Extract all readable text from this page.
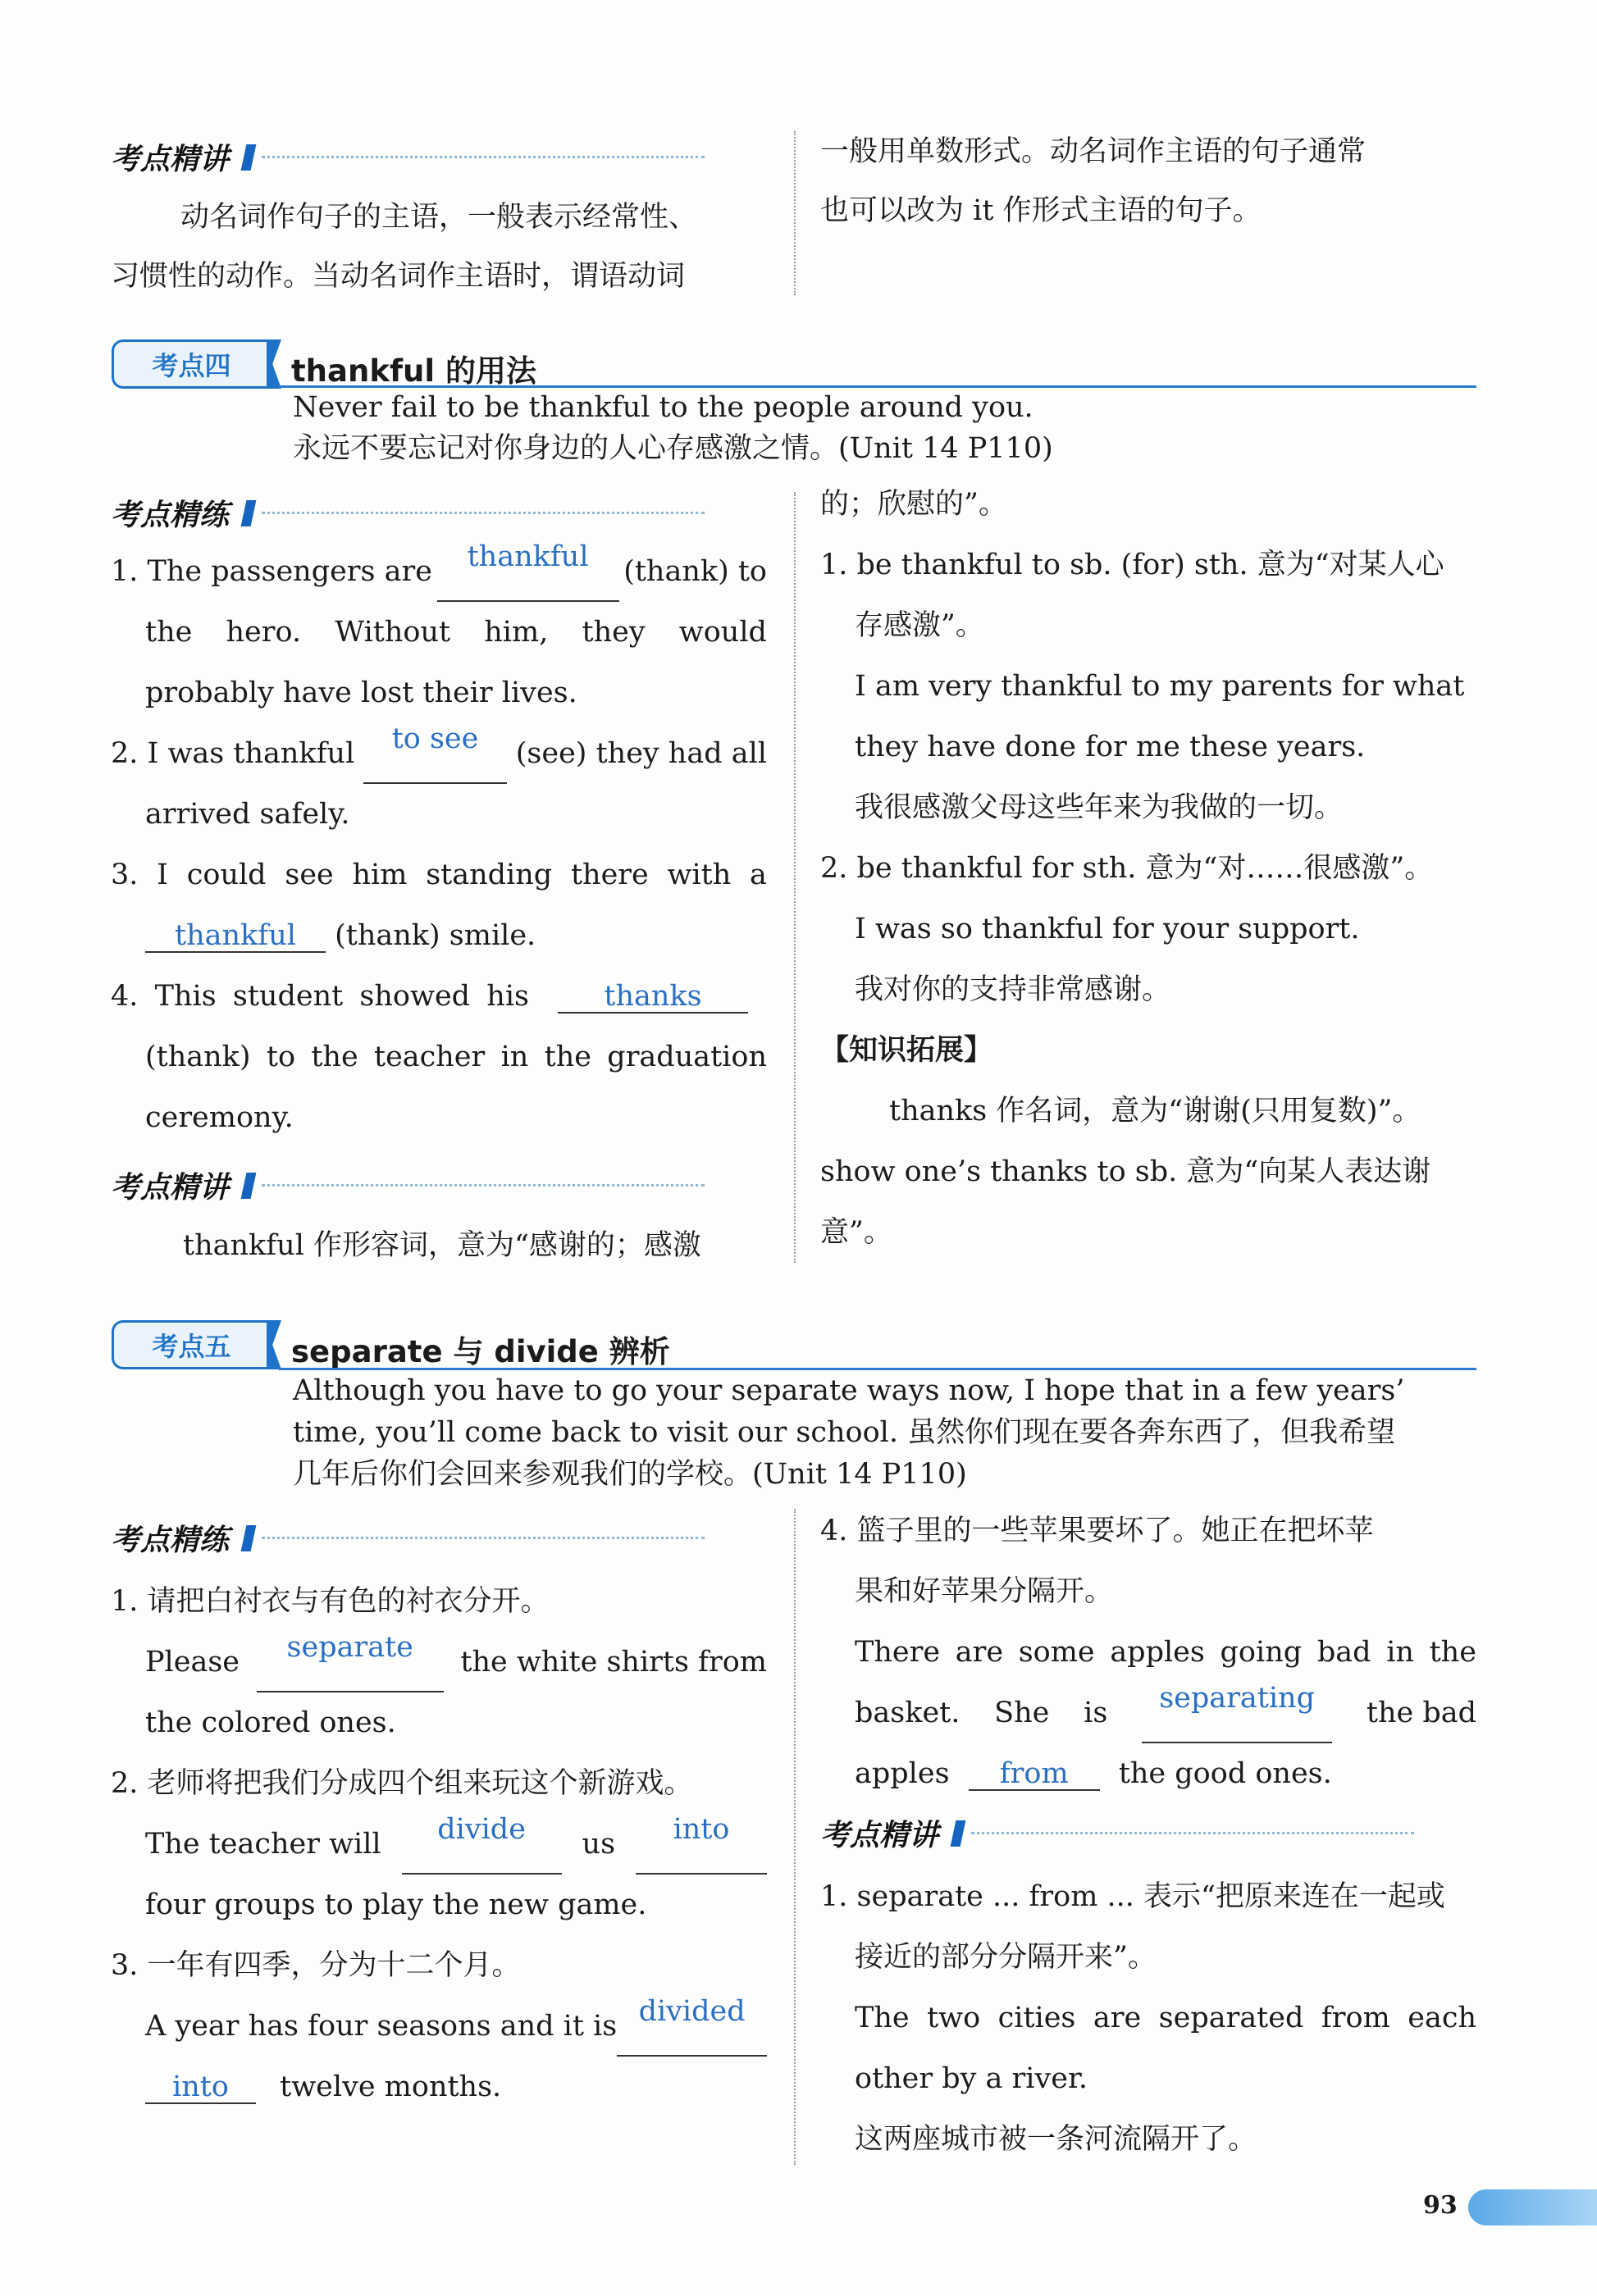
考点精讲
动名词作句子的主语，一般表示经常性、
习惯性的动作。当动名词作主语时，谓语动词
一般用单数形式。动名词作主语的句子通常
也可以改为 it 作形式主语的句子。
考点四 thankful 的用法
Never fail to be thankful to the people around you.
永远不要忘记对你身边的人心存感激之情。(Unit 14 P110)
考点精练
1. The passengers are	thankful	(thank) to
the hero. Without him, they would
probably have lost their lives.
2. I was thankful	to see	(see) they had all
arrived safely.
3. I could see him standing there with a
thankful (thank) smile.
4. This student showed his	thanks
(thank) to the teacher in the graduation
ceremony.
考点精讲
thankful 作形容词，意为“感谢的；感激
的；欣慰的”。
1. be thankful to sb. (for) sth. 意为“对某人心
存感激”。
I am very thankful to my parents for what
they have done for me these years.
我很感激父母这些年来为我做的一切。
2. be thankful for sth. 意为“对……很感激”。
I was so thankful for your support.
我对你的支持非常感谢。
【知识拓展】
thanks 作名词，意为“谢谢(只用复数)”。
show one’s thanks to sb. 意为“向某人表达谢
意”。
考点五 separate 与 divide 辨析
Although you have to go your separate ways now, I hope that in a few years’
time, you’ll come back to visit our school. 虽然你们现在要各奔东西了，但我希望
几年后你们会回来参观我们的学校。(Unit 14 P110)
考点精练
1. 请把白衬衣与有色的衬衣分开。
Please	separate	the white shirts from
the colored ones.
2. 老师将把我们分成四个组来玩这个新游戏。
The teacher will	divide	us	into
four groups to play the new game.
3. 一年有四季，分为十二个月。
A year has four seasons and it is divided
into twelve months.
4. 篮子里的一些苹果要坏了。她正在把坏苹
果和好苹果分隔开。
There are some apples going bad in the
basket. She is	separating	the bad
apples from the good ones.
考点精讲
1. separate ... from ... 表示“把原来连在一起或
接近的部分分隔开来”。
The two cities are separated from each
other by a river.
这两座城市被一条河流隔开了。
93
